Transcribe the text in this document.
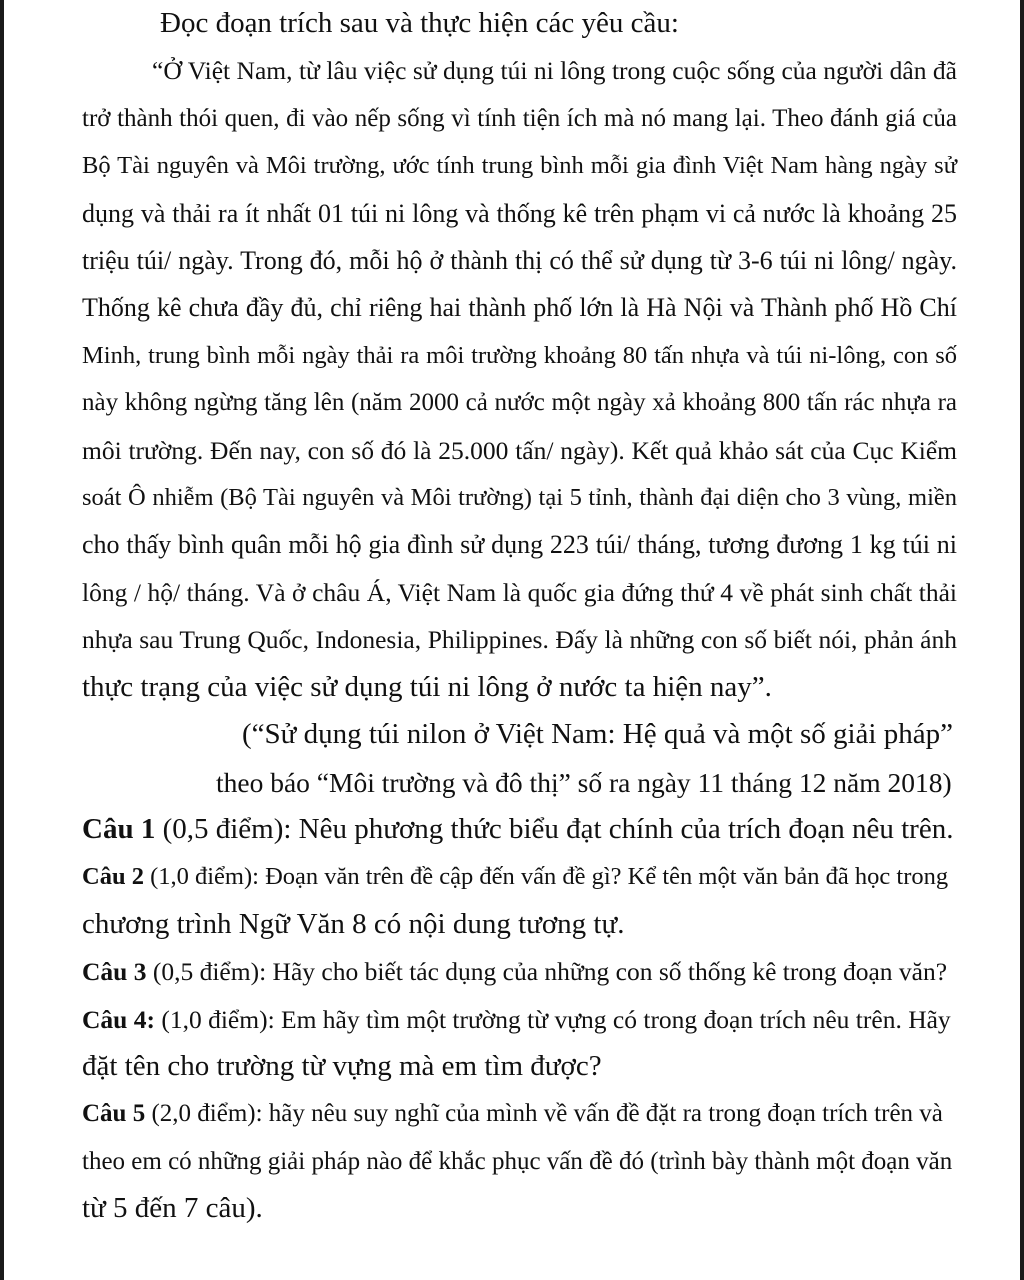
Đọc đoạn trích sau và thực hiện các yêu cầu:
“Ở Việt Nam, từ lâu việc sử dụng túi ni lông trong cuộc sống của người dân đã
trở thành thói quen, đi vào nếp sống vì tính tiện ích mà nó mang lại. Theo đánh giá của
Bộ Tài nguyên và Môi trường, ước tính trung bình mỗi gia đình Việt Nam hàng ngày sử
dụng và thải ra ít nhất 01 túi ni lông và thống kê trên phạm vi cả nước là khoảng 25
triệu túi/ ngày. Trong đó, mỗi hộ ở thành thị có thể sử dụng từ 3-6 túi ni lông/ ngày.
Thống kê chưa đầy đủ, chỉ riêng hai thành phố lớn là Hà Nội và Thành phố Hồ Chí
Minh, trung bình mỗi ngày thải ra môi trường khoảng 80 tấn nhựa và túi ni-lông, con số
này không ngừng tăng lên (năm 2000 cả nước một ngày xả khoảng 800 tấn rác nhựa ra
môi trường. Đến nay, con số đó là 25.000 tấn/ ngày). Kết quả khảo sát của Cục Kiểm
soát Ô nhiễm (Bộ Tài nguyên và Môi trường) tại 5 tỉnh, thành đại diện cho 3 vùng, miền
cho thấy bình quân mỗi hộ gia đình sử dụng 223 túi/ tháng, tương đương 1 kg túi ni
lông / hộ/ tháng. Và ở châu Á, Việt Nam là quốc gia đứng thứ 4 về phát sinh chất thải
nhựa sau Trung Quốc, Indonesia, Philippines. Đấy là những con số biết nói, phản ánh
thực trạng của việc sử dụng túi ni lông ở nước ta hiện nay”.
(“Sử dụng túi nilon ở Việt Nam: Hệ quả và một số giải pháp”
theo báo “Môi trường và đô thị” số ra ngày 11 tháng 12 năm 2018)
Câu 1 (0,5 điểm): Nêu phương thức biểu đạt chính của trích đoạn nêu trên.
Câu 2 (1,0 điểm): Đoạn văn trên đề cập đến vấn đề gì? Kể tên một văn bản đã học trong
chương trình Ngữ Văn 8 có nội dung tương tự.
Câu 3 (0,5 điểm): Hãy cho biết tác dụng của những con số thống kê trong đoạn văn?
Câu 4: (1,0 điểm): Em hãy tìm một trường từ vựng có trong đoạn trích nêu trên. Hãy
đặt tên cho trường từ vựng mà em tìm được?
Câu 5 (2,0 điểm): hãy nêu suy nghĩ của mình về vấn đề đặt ra trong đoạn trích trên và
theo em có những giải pháp nào để khắc phục vấn đề đó (trình bày thành một đoạn văn
từ 5 đến 7 câu).
